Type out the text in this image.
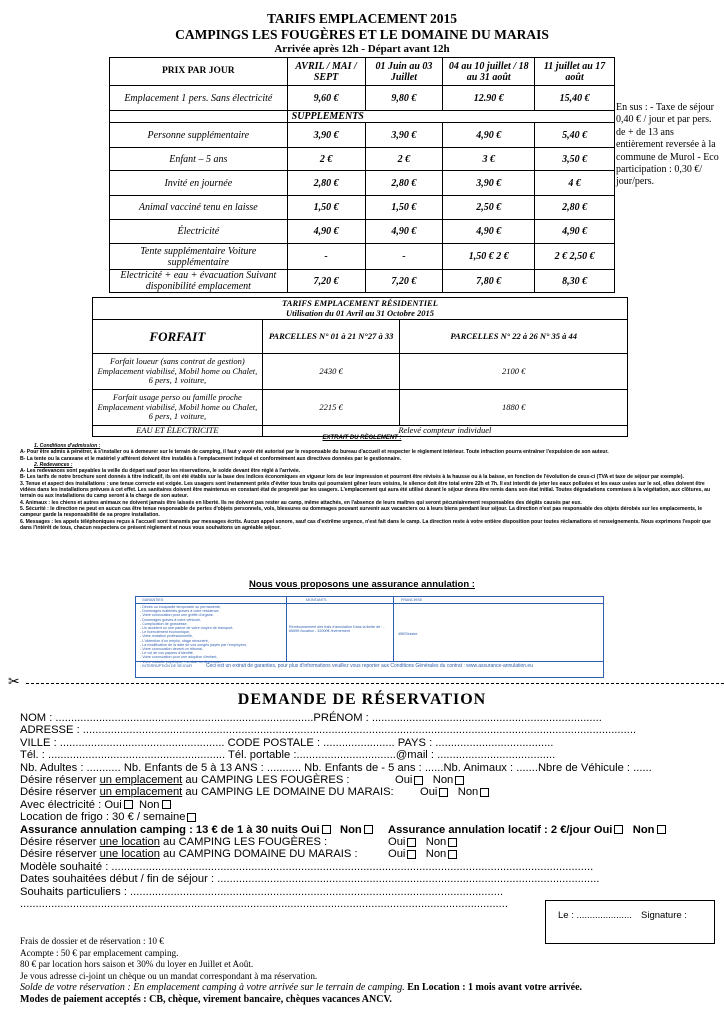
TARIFS EMPLACEMENT 2015
CAMPINGS LES FOUGÈRES ET LE DOMAINE DU MARAIS
Arrivée après 12h - Départ avant 12h
PRIX PAR JOUR	AVRIL / MAI / SEPT	01 Juin au 03 Juillet	04 au 10 juillet / 18 au 31 août	11 juillet au 17 août
Emplacement 1 pers. Sans électricité	9,60 €	9,80 €	12.90 €	15,40 €
	SUPPLEMENTS			
Personne supplémentaire	3,90 €	3,90 €	4,90 €	5,40 €
Enfant – 5 ans	2 €	2 €	3 €	3,50 €
Invité en journée	2,80 €	2,80 €	3,90 €	4 €
Animal vacciné tenu en laisse	1,50 €	1,50 €	2,50 €	2,80 €
Électricité	4,90 €	4,90 €	4,90 €	4,90 €
Tente supplémentaire Voiture supplémentaire	-	-	1,50 € 2 €	2 € 2,50 €
Electricité + eau + évacuation Suivant disponibilité emplacement	7,20 €	7,20 €	7,80 €	8,30 €
En sus : - Taxe de séjour 0,40 € / jour et par pers. de + de 13 ans entièrement reversée à la commune de Murol - Eco participation : 0,30 €/ jour/pers.
TARIFS EMPLACEMENT RÉSIDENTIEL
Utilisation du 01 Avril au 31 Octobre 2015		

FORFAIT	PARCELLES N° 01 à 21 N°27 à 33	PARCELLES N° 22 à 26 N° 35 à 44
Forfait loueur (sans contrat de gestion) Emplacement viabilisé, Mobil home ou Chalet, 6 pers, 1 voiture,	2430 €	2100 €
Forfait usage perso ou famille proche Emplacement viabilisé, Mobil home ou Chalet, 6 pers, 1 voiture,	2215 €	1880 €
EAU ET ÉLECTRICITE	Relevé compteur individuel	
EXTRAIT DU RÈGLEMENT :

1. Conditions d'admission :

A- Pour être admis à pénétrer, à s'installer ou à demeurer sur le terrain de camping, il faut y avoir été autorisé par le responsable du bureau d'accueil et respecter le règlement intérieur. Toute infraction pourra entraîner l'expulsion de son auteur.

B- La tente ou la caravane et le matériel y afférent doivent être installés à l'emplacement indiqué et conformément aux directives données par le gestionnaire.

2. Redevances :

A- Les redevances sont payables la veille du départ sauf pour les réservations, le solde devant être réglé à l'arrivée.

B- Les tarifs de notre brochure sont donnés à titre indicatif, ils ont été établis sur la base des indices économiques en vigueur lors de leur impression et pourront être révisés à la hausse ou à la baisse, en fonction de l'évolution de ceux-ci (TVA et taxe de séjour par exemple).

3. Tenue et aspect des installations : une tenue correcte est exigée. Les usagers sont instamment priés d'éviter tous bruits qui pourraient gêner leurs voisins, le silence doit être total entre 22h et 7h. Il est interdit de jeter les eaux polluées et les eaux usées sur le sol, elles doivent être vidées dans les installations prévues à cet effet. Les sanitaires doivent être maintenus en constant état de propreté par les usagers. L'emplacement qui aura été utilisé durant le séjour devra être remis dans son état initial. Toutes dégradations commises à la végétation, aux clôtures, au terrain ou aux installations du camp seront à la charge de son auteur.

4. Animaux : les chiens et autres animaux ne doivent jamais être laissés en liberté. Ils ne doivent pas rester au camp, même attachés, en l'absence de leurs maîtres qui seront pécuniairement responsables des dégâts causés par eux.

5. Sécurité : le direction ne peut en aucun cas être tenue responsable de pertes d'objets personnels, vols, blessures ou dommages pouvant survenir aux vacanciers ou à leurs biens pendant leur séjour. La direction n'est pas responsable des objets dérobés sur les emplacements, le campeur garde la responsabilité de sa propre installation.

6. Messages : les appels téléphoniques reçus à l'accueil sont transmis par messages écrits. Aucun appel sonore, sauf cas d'extrême urgence, n'est fait dans le camp. La direction reste à votre entière disposition pour toutes réclamations et renseignements. Nous exprimons l'espoir que dans l'intérêt de tous, chacun respectera ce présent règlement et nous vous souhaitons un agréable séjour.

Nous vous proposons une assurance annulation :
GARANTIES	MONTANTS	FRANCHISE
- Décès ou incapacité temporaire ou permanente,
- Dommages matériels graves à votre résidence,
- Votre convocation pour une greffe d'organe,
- Dommages graves à votre véhicule,
- Complication de grossesse,
- Un accident ou une panne de votre moyen de transport,
- Le licenciement économique,
- Votre mutation professionnelle,
- L'obtention d'un emploi, stage rémunéré,
- La modification de la date de vos congés payés par l'employeur,
- Votre convocation devant un tribunal,
- Le vol de vos papiers d'identité,
- Votre convocation pour une adoption d'enfant,
- Votre maladie psychique, mentale ou dépressive,
- INTERRUPTION DE SÉJOUR
Remboursement des frais d'annulation Dans la limite de : - 6500€ /location - 32000€ /évènement
45€/Sinistre
Ceci est un extrait de garanties, pour plus d'informations veuillez vous reporter aux Conditions Générales du contrat : www.assurance-annulation.eu
✂
DEMANDE DE RÉSERVATION
NOM : ...................................................................................PRÉNOM : ..........................................................................
ADRESSE : ..................................................................................................................................................................................
VILLE : ..................................................... CODE POSTALE : ....................... PAYS : ......................................
Tél. : ......................................................... Tél. portable :................................@mail : ......................................
Nb. Adultes : ........... Nb. Enfants de 5 à 13 ANS : ........... Nb. Enfants de - 5 ans : ......Nb. Animaux : .......Nbre de Véhicule : ......
Désire réserver un emplacement au CAMPING LES FOUGÈRES :	Oui Non
Désire réserver un emplacement au CAMPING LE DOMAINE DU MARAIS: Oui Non
Avec électricité : Oui Non
Location de frigo : 30 € / semaine
Assurance annulation camping : 13 € de 1 à 30 nuits Oui Non Assurance annulation locatif : 2 €/jour Oui Non
Désire réserver une location au CAMPING LES FOUGÈRES :	Oui Non
Désire réserver une location au CAMPING DOMAINE DU MARAIS :	Oui Non
Modèle souhaité : ...........................................................................................................................................................
Dates souhaitées début / fin de séjour : ...........................................................................................................................
Souhaits particuliers : ........................................................................................................................
.............................................................................................................................................................
Le : ..................... Signature :
Frais de dossier et de réservation : 10 €
Acompte : 50 € par emplacement camping.
80 € par location hors saison et 30% du loyer en Juillet et Août.
Je vous adresse ci-joint un chèque ou un mandat correspondant à ma réservation.
Solde de votre réservation : En emplacement camping à votre arrivée sur le terrain de camping. En Location : 1 mois avant votre arrivée.
Modes de paiement acceptés : CB, chèque, virement bancaire, chèques vacances ANCV.
